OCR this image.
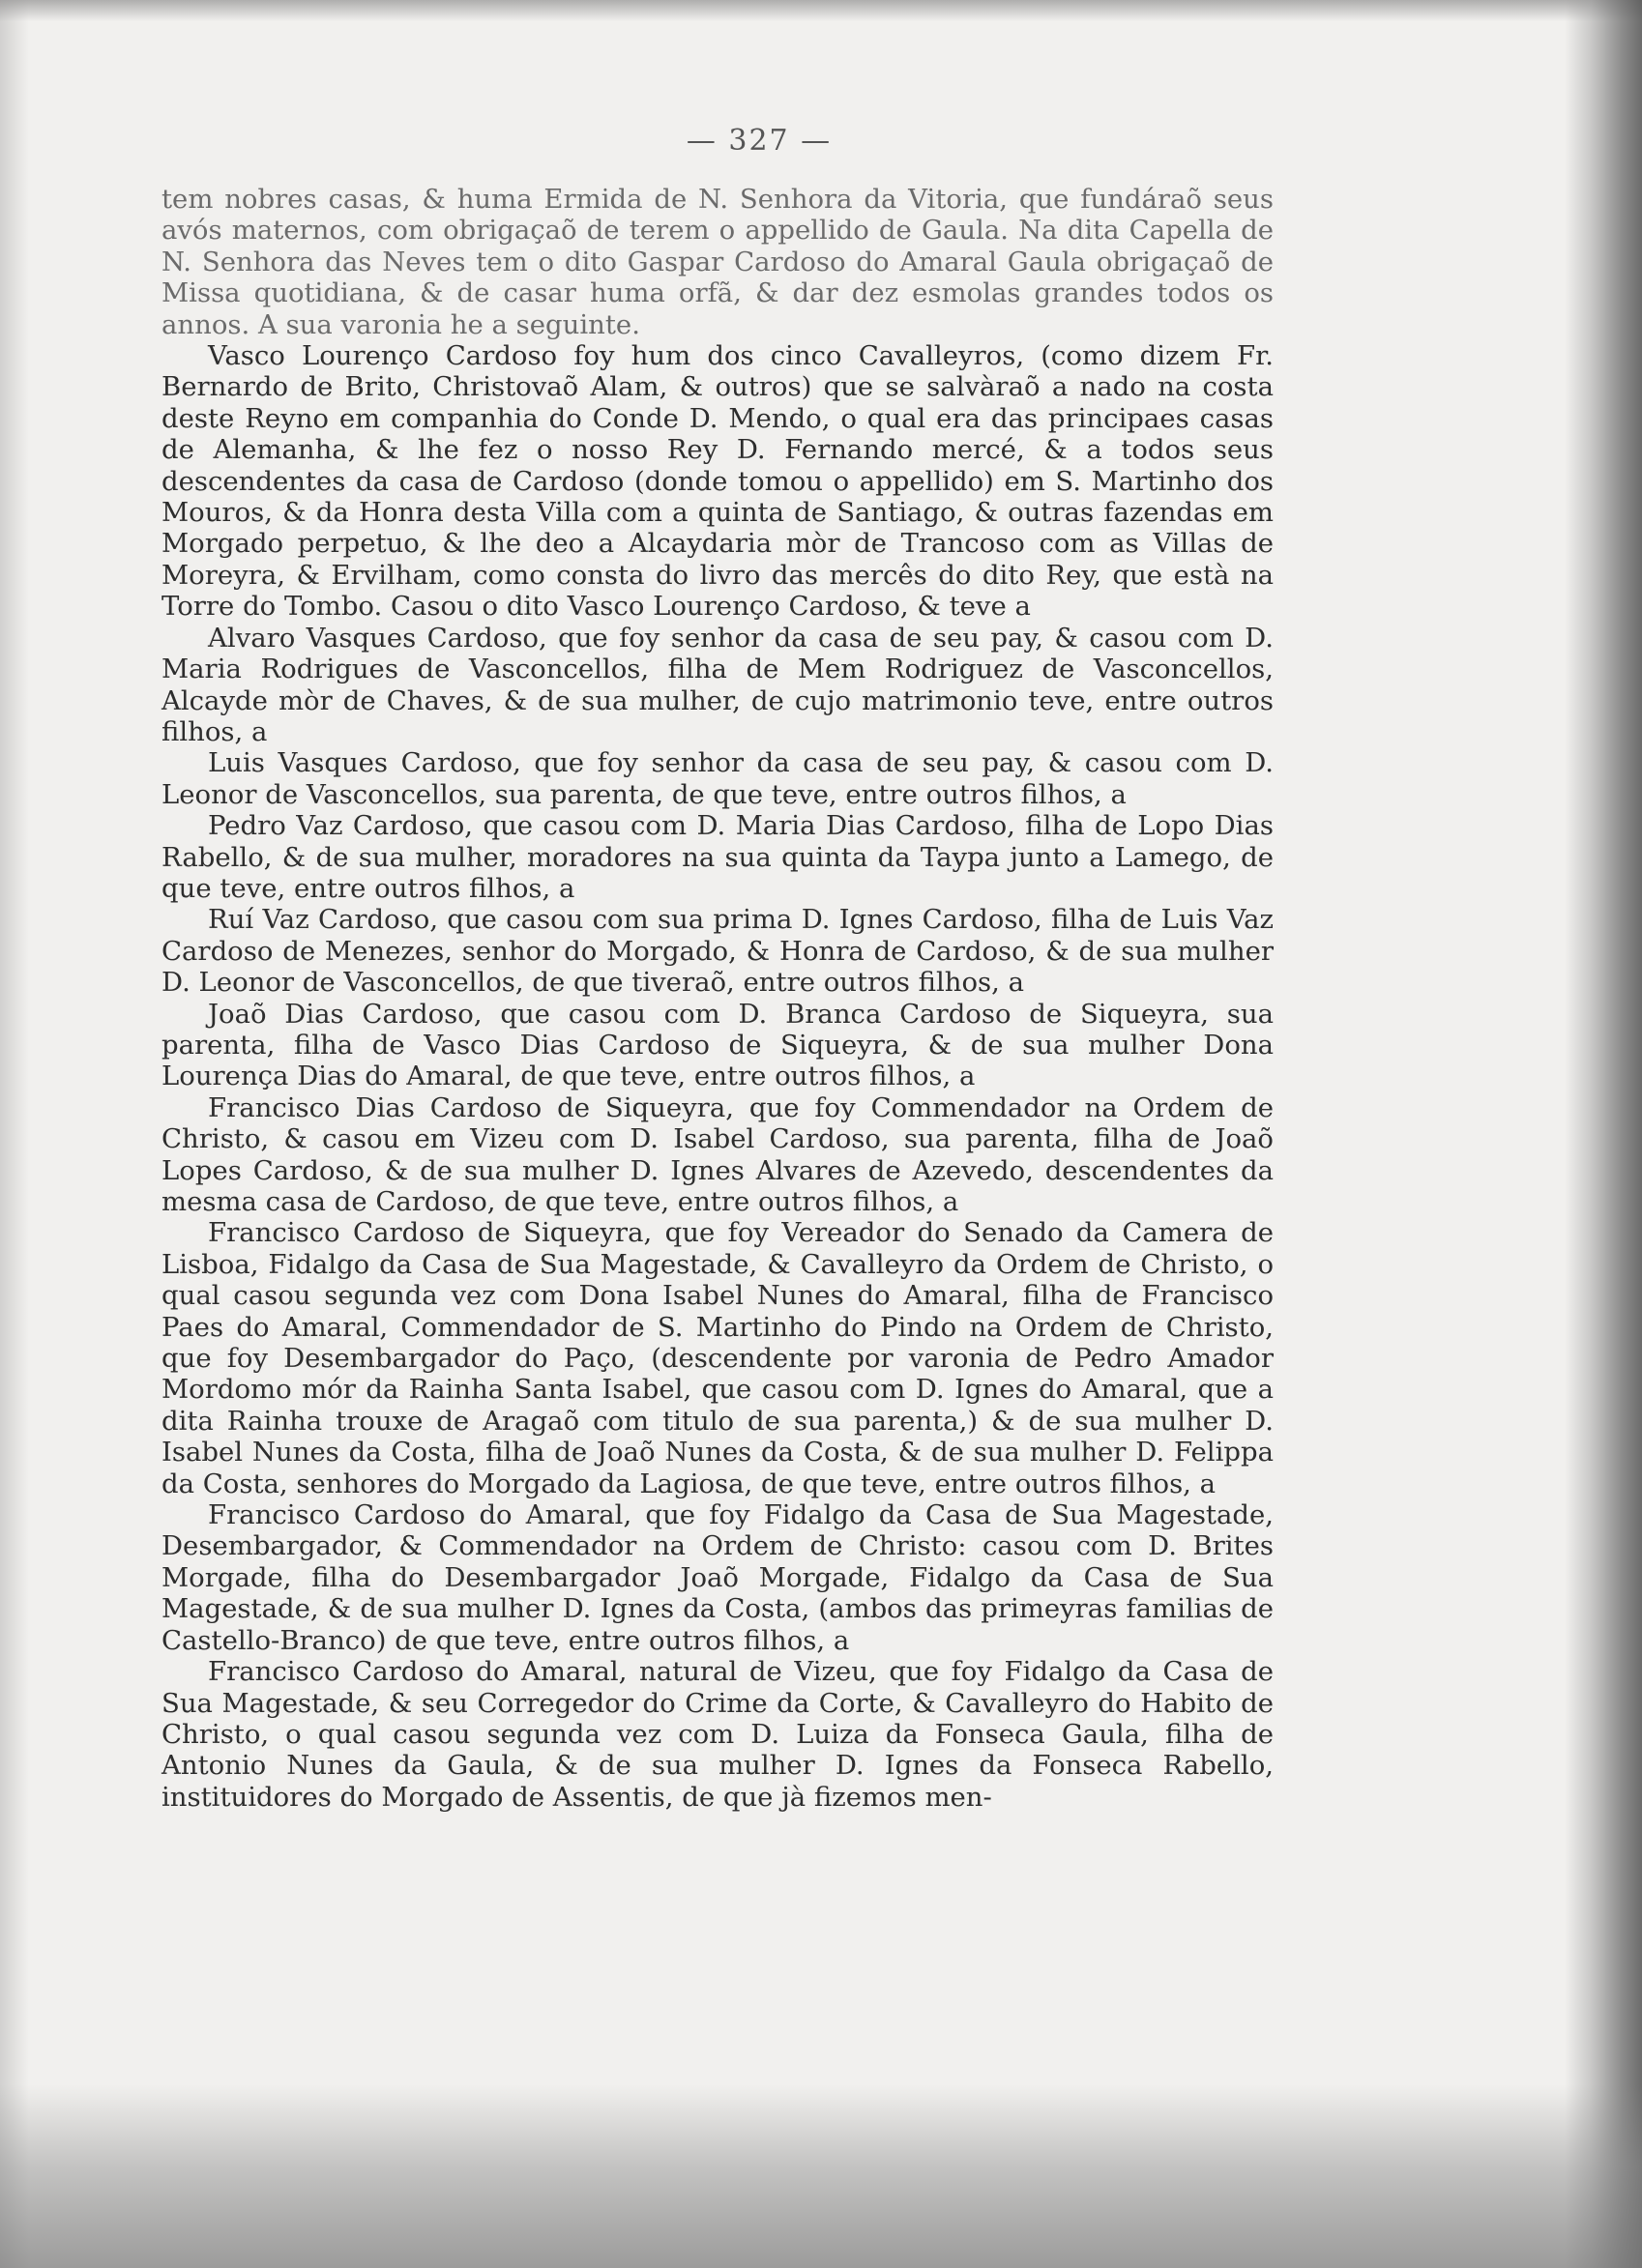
— 327 —

tem nobres casas, & huma Ermida de N. Senhora da Vitoria, que fundáraõ seus avós maternos, com obrigaçaõ de terem o appellido de Gaula. Na dita Capella de N. Senhora das Neves tem o dito Gaspar Cardoso do Amaral Gaula obrigaçaõ de Missa quotidiana, & de casar huma orfã, & dar dez esmolas grandes todos os annos. A sua varonia he a seguinte.

Vasco Lourenço Cardoso foy hum dos cinco Cavalleyros, (como dizem Fr. Bernardo de Brito, Christovaõ Alam, & outros) que se salvàraõ a nado na costa deste Reyno em companhia do Conde D. Mendo, o qual era das principaes casas de Alemanha, & lhe fez o nosso Rey D. Fernando mercé, & a todos seus descendentes da casa de Cardoso (donde tomou o appellido) em S. Martinho dos Mouros, & da Honra desta Villa com a quinta de Santiago, & outras fazendas em Morgado perpetuo, & lhe deo a Alcaydaria mòr de Trancoso com as Villas de Moreyra, & Ervilham, como consta do livro das mercês do dito Rey, que està na Torre do Tombo. Casou o dito Vasco Lourenço Cardoso, & teve a

Alvaro Vasques Cardoso, que foy senhor da casa de seu pay, & casou com D. Maria Rodrigues de Vasconcellos, filha de Mem Rodriguez de Vasconcellos, Alcayde mòr de Chaves, & de sua mulher, de cujo matrimonio teve, entre outros filhos, a

Luis Vasques Cardoso, que foy senhor da casa de seu pay, & casou com D. Leonor de Vasconcellos, sua parenta, de que teve, entre outros filhos, a

Pedro Vaz Cardoso, que casou com D. Maria Dias Cardoso, filha de Lopo Dias Rabello, & de sua mulher, moradores na sua quinta da Taypa junto a Lamego, de que teve, entre outros filhos, a

Ruí Vaz Cardoso, que casou com sua prima D. Ignes Cardoso, filha de Luis Vaz Cardoso de Menezes, senhor do Morgado, & Honra de Cardoso, & de sua mulher D. Leonor de Vasconcellos, de que tiveraõ, entre outros filhos, a

Joaõ Dias Cardoso, que casou com D. Branca Cardoso de Siqueyra, sua parenta, filha de Vasco Dias Cardoso de Siqueyra, & de sua mulher Dona Lourença Dias do Amaral, de que teve, entre outros filhos, a

Francisco Dias Cardoso de Siqueyra, que foy Commendador na Ordem de Christo, & casou em Vizeu com D. Isabel Cardoso, sua parenta, filha de Joaõ Lopes Cardoso, & de sua mulher D. Ignes Alvares de Azevedo, descendentes da mesma casa de Cardoso, de que teve, entre outros filhos, a

Francisco Cardoso de Siqueyra, que foy Vereador do Senado da Camera de Lisboa, Fidalgo da Casa de Sua Magestade, & Cavalleyro da Ordem de Christo, o qual casou segunda vez com Dona Isabel Nunes do Amaral, filha de Francisco Paes do Amaral, Commendador de S. Martinho do Pindo na Ordem de Christo, que foy Desembargador do Paço, (descendente por varonia de Pedro Amador Mordomo mór da Rainha Santa Isabel, que casou com D. Ignes do Amaral, que a dita Rainha trouxe de Aragaõ com titulo de sua parenta,) & de sua mulher D. Isabel Nunes da Costa, filha de Joaõ Nunes da Costa, & de sua mulher D. Felippa da Costa, senhores do Morgado da Lagiosa, de que teve, entre outros filhos, a

Francisco Cardoso do Amaral, que foy Fidalgo da Casa de Sua Magestade, Desembargador, & Commendador na Ordem de Christo: casou com D. Brites Morgade, filha do Desembargador Joaõ Morgade, Fidalgo da Casa de Sua Magestade, & de sua mulher D. Ignes da Costa, (ambos das primeyras familias de Castello-Branco) de que teve, entre outros filhos, a

Francisco Cardoso do Amaral, natural de Vizeu, que foy Fidalgo da Casa de Sua Magestade, & seu Corregedor do Crime da Corte, & Cavalleyro do Habito de Christo, o qual casou segunda vez com D. Luiza da Fonseca Gaula, filha de Antonio Nunes da Gaula, & de sua mulher D. Ignes da Fonseca Rabello, instituidores do Morgado de Assentis, de que jà fizemos men-
